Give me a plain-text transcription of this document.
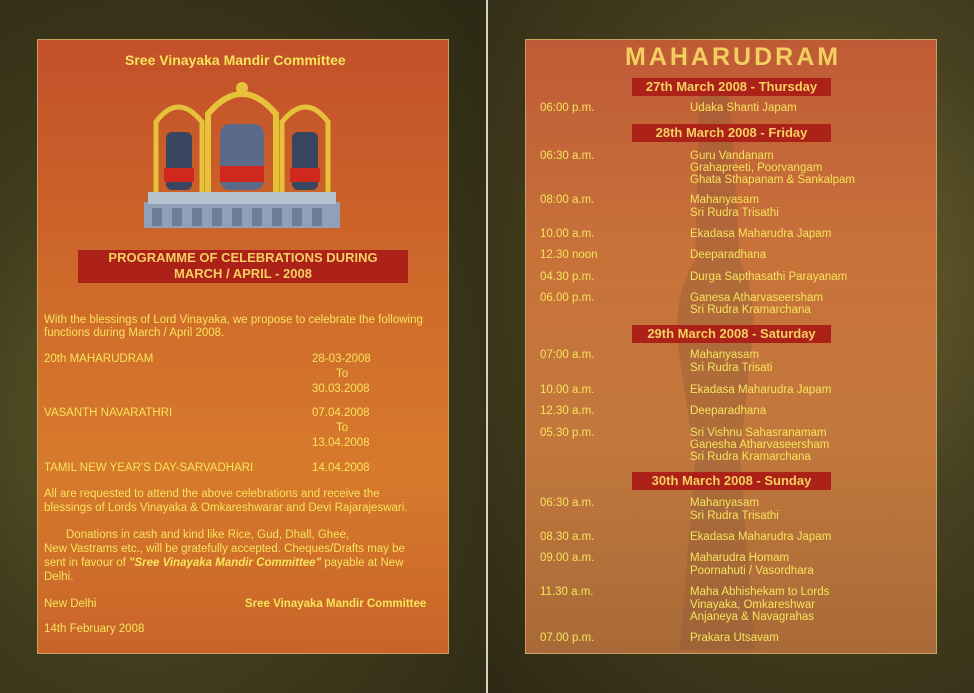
Sree Vinayaka Mandir Committee
PROGRAMME OF CELEBRATIONS DURING
MARCH / APRIL - 2008
With the blessings of Lord Vinayaka, we propose to celebrate the following
functions during March / April 2008.
20th MAHARUDRAM	28-03-2008
To
30.03.2008
VASANTH NAVARATHRI	07.04.2008
To
13.04.2008
TAMIL NEW YEAR'S DAY-SARVADHARI	14.04.2008
All are requested to attend the above celebrations and receive the
blessings of Lords Vinayaka & Omkareshwarar and Devi Rajarajeswari.
Donations in cash and kind like Rice, Gud, Dhall, Ghee,
New Vastrams etc., will be gratefully accepted. Cheques/Drafts may be
sent in favour of "Sree Vinayaka Mandir Committee" payable at New
Delhi.
New Delhi	Sree Vinayaka Mandir Committee
14th February 2008
MAHARUDRAM
27th March 2008 - Thursday
06:00 p.m.	Udaka Shanti Japam
28th March 2008 - Friday
06:30 a.m.	Guru Vandanam
Grahapreeti, Poorvangam
Ghata Sthapanam & Sankalpam
08:00 a.m.	Mahanyasam
Sri Rudra Trisathi
10.00 a.m.	Ekadasa Maharudra Japam
12.30 noon	Deeparadhana
04.30 p.m.	Durga Sapthasathi Parayanam
06.00 p.m.	Ganesa Atharvaseersham
Sri Rudra Kramarchana
29th March 2008 - Saturday
07:00 a.m.	Mahanyasam
Sri Rudra Trisati
10.00 a.m.	Ekadasa Maharudra Japam
12.30 a.m.	Deeparadhana
05.30 p.m.	Sri Vishnu Sahasranamam
Ganesha Atharvaseersham
Sri Rudra Kramarchana
30th March 2008 - Sunday
06:30 a.m.	Mahanyasam
Sri Rudra Trisathi
08.30 a.m.	Ekadasa Maharudra Japam
09.00 a.m.	Maharudra Homam
Poornahuti / Vasordhara
11.30 a.m.	Maha Abhishekam to Lords
Vinayaka, Omkareshwar
Anjaneya & Navagrahas
07.00 p.m.	Prakara Utsavam
